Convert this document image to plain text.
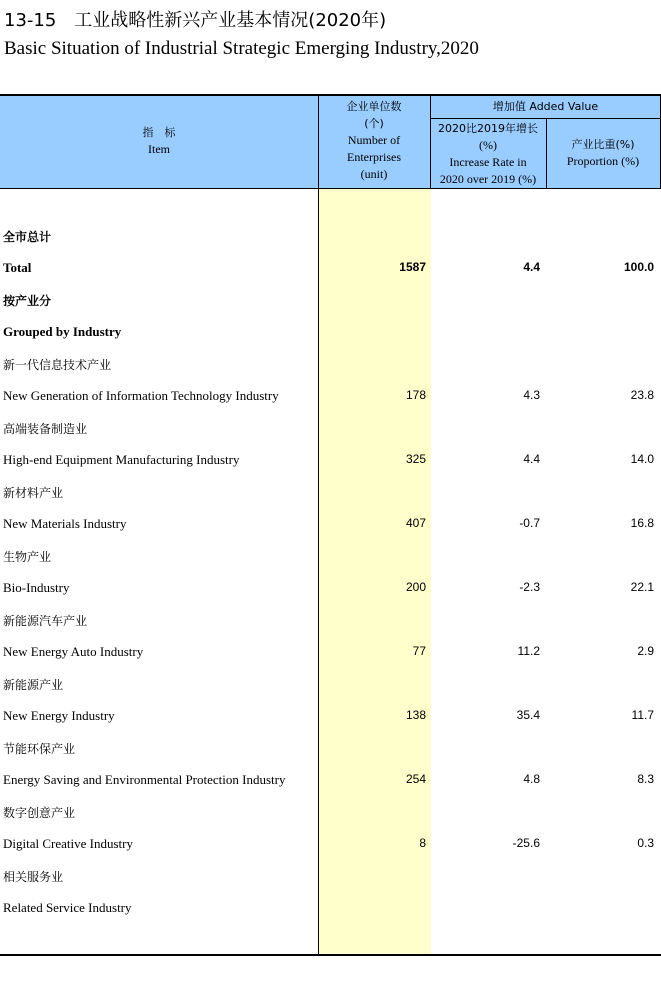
13-15　工业战略性新兴产业基本情况(2020年)
Basic Situation of Industrial Strategic Emerging Industry,2020
指　标
Item
企业单位数
(个)
Number of
Enterprises
(unit)
增加值 Added Value
2020比2019年增长
(%)
Increase Rate in
2020 over 2019 (%)
产业比重(%)
Proportion (%)
全市总计
Total	1587	4.4	100.0
按产业分
Grouped by Industry
新一代信息技术产业
New Generation of Information Technology Industry	178	4.3	23.8
高端装备制造业
High-end Equipment Manufacturing Industry	325	4.4	14.0
新材料产业
New Materials Industry	407	-0.7	16.8
生物产业
Bio-Industry	200	-2.3	22.1
新能源汽车产业
New Energy Auto Industry	77	11.2	2.9
新能源产业
New Energy Industry	138	35.4	11.7
节能环保产业
Energy Saving and Environmental Protection Industry	254	4.8	8.3
数字创意产业
Digital Creative Industry	8	-25.6	0.3
相关服务业
Related Service Industry
